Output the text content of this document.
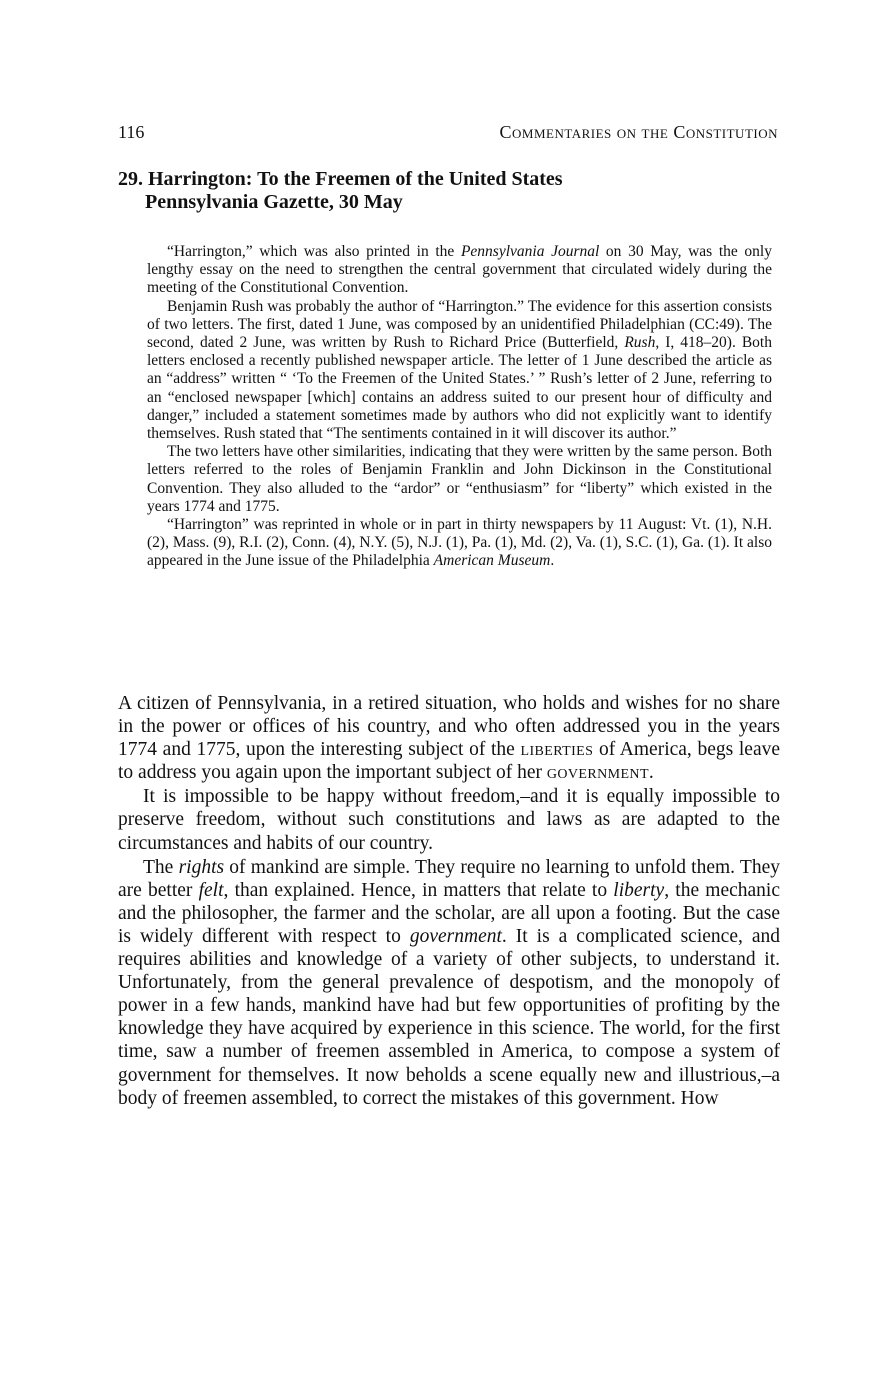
116	Commentaries on the Constitution
29. Harrington: To the Freemen of the United States
Pennsylvania Gazette, 30 May

“Harrington,” which was also printed in the Pennsylvania Journal on 30 May, was the only lengthy essay on the need to strengthen the central government that circulated widely during the meeting of the Constitutional Convention.

Benjamin Rush was probably the author of “Harrington.” The evidence for this assertion consists of two letters. The first, dated 1 June, was composed by an unidentified Philadelphian (CC:49). The second, dated 2 June, was written by Rush to Richard Price (Butterfield, Rush, I, 418–20). Both letters enclosed a recently published newspaper article. The letter of 1 June described the article as an “address” written “ ‘To the Freemen of the United States.’ ” Rush’s letter of 2 June, referring to an “enclosed newspaper [which] contains an address suited to our present hour of difficulty and danger,” included a statement sometimes made by authors who did not explicitly want to identify themselves. Rush stated that “The sentiments contained in it will discover its author.”

The two letters have other similarities, indicating that they were written by the same person. Both letters referred to the roles of Benjamin Franklin and John Dickinson in the Constitutional Convention. They also alluded to the “ardor” or “enthusiasm” for “liberty” which existed in the years 1774 and 1775.

“Harrington” was reprinted in whole or in part in thirty newspapers by 11 August: Vt. (1), N.H. (2), Mass. (9), R.I. (2), Conn. (4), N.Y. (5), N.J. (1), Pa. (1), Md. (2), Va. (1), S.C. (1), Ga. (1). It also appeared in the June issue of the Philadelphia American Museum.

A citizen of Pennsylvania, in a retired situation, who holds and wishes for no share in the power or offices of his country, and who often addressed you in the years 1774 and 1775, upon the interesting subject of the liberties of America, begs leave to address you again upon the important subject of her government.

It is impossible to be happy without freedom,–and it is equally impossible to preserve freedom, without such constitutions and laws as are adapted to the circumstances and habits of our country.

The rights of mankind are simple. They require no learning to unfold them. They are better felt, than explained. Hence, in matters that relate to liberty, the mechanic and the philosopher, the farmer and the scholar, are all upon a footing. But the case is widely different with respect to government. It is a complicated science, and requires abilities and knowledge of a variety of other subjects, to understand it. Unfortunately, from the general prevalence of despotism, and the monopoly of power in a few hands, mankind have had but few opportunities of profiting by the knowledge they have acquired by experience in this science. The world, for the first time, saw a number of freemen assembled in America, to compose a system of government for themselves. It now beholds a scene equally new and illustrious,–a body of freemen assembled, to correct the mistakes of this government. How
